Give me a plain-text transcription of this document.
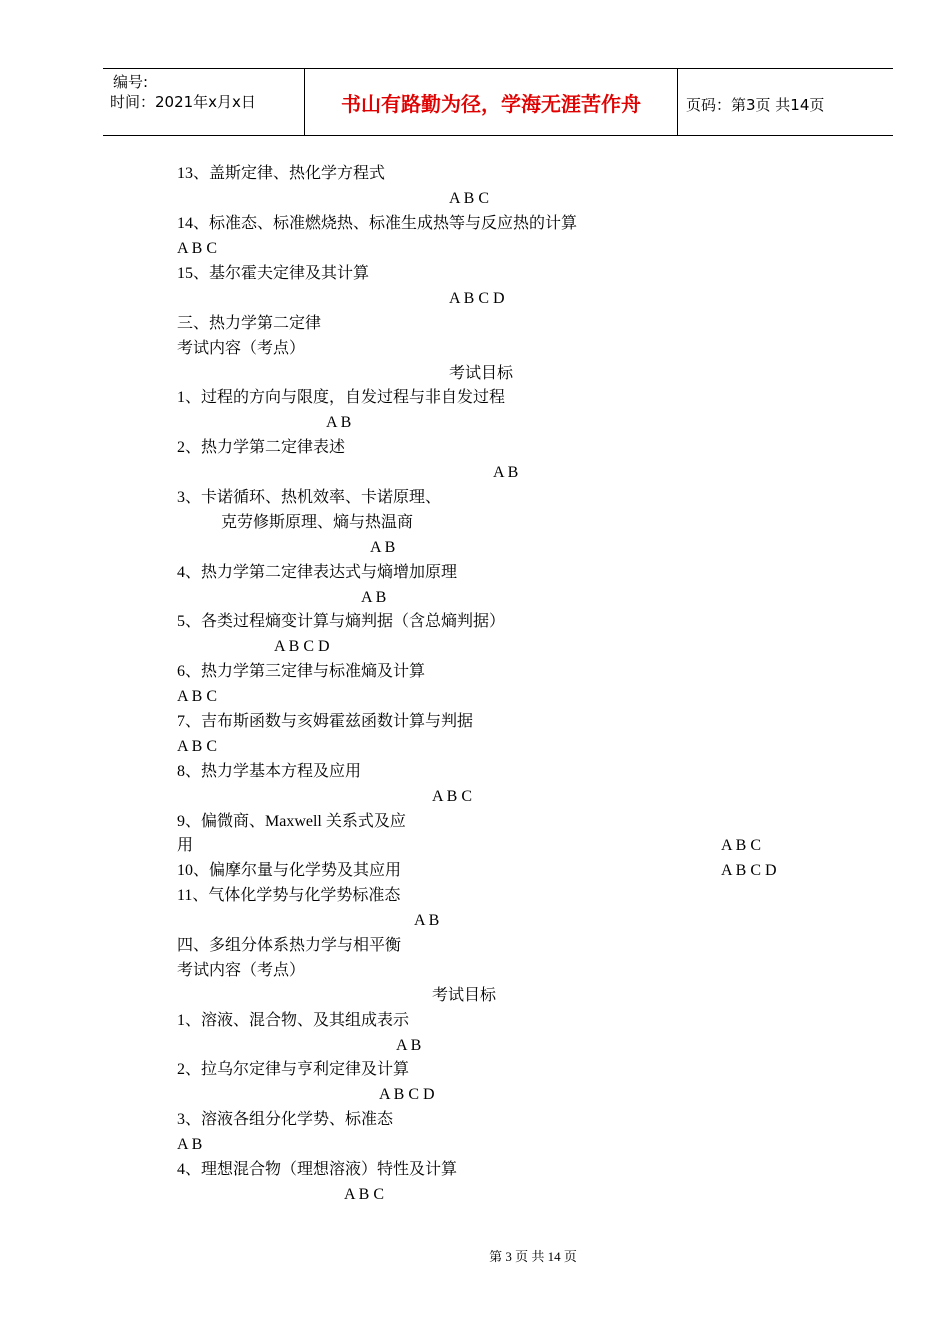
编号:
时间：2021年x月x日	书山有路勤为径，学海无涯苦作舟	页码：第3页 共14页
13、盖斯定律、热化学方程式
A B C
14、标准态、标准燃烧热、标准生成热等与反应热的计算
A B C
15、基尔霍夫定律及其计算
A B C D
三、热力学第二定律
考试内容（考点）
考试目标
1、过程的方向与限度，自发过程与非自发过程
A B
2、热力学第二定律表述
A B
3、卡诺循环、热机效率、卡诺原理、
克劳修斯原理、熵与热温商
A B
4、热力学第二定律表达式与熵增加原理
A B
5、各类过程熵变计算与熵判据（含总熵判据）
A B C D
6、热力学第三定律与标准熵及计算
A B C
7、吉布斯函数与亥姆霍兹函数计算与判据
A B C
8、热力学基本方程及应用
A B C
9、偏微商、Maxwell 关系式及应
用	A B C
10、偏摩尔量与化学势及其应用	A B C D
11、气体化学势与化学势标准态
A B
四、多组分体系热力学与相平衡
考试内容（考点）
考试目标
1、溶液、混合物、及其组成表示
A B
2、拉乌尔定律与亨利定律及计算
A B C D
3、溶液各组分化学势、标准态
A B
4、理想混合物（理想溶液）特性及计算
A B C
第 3 页 共 14 页
